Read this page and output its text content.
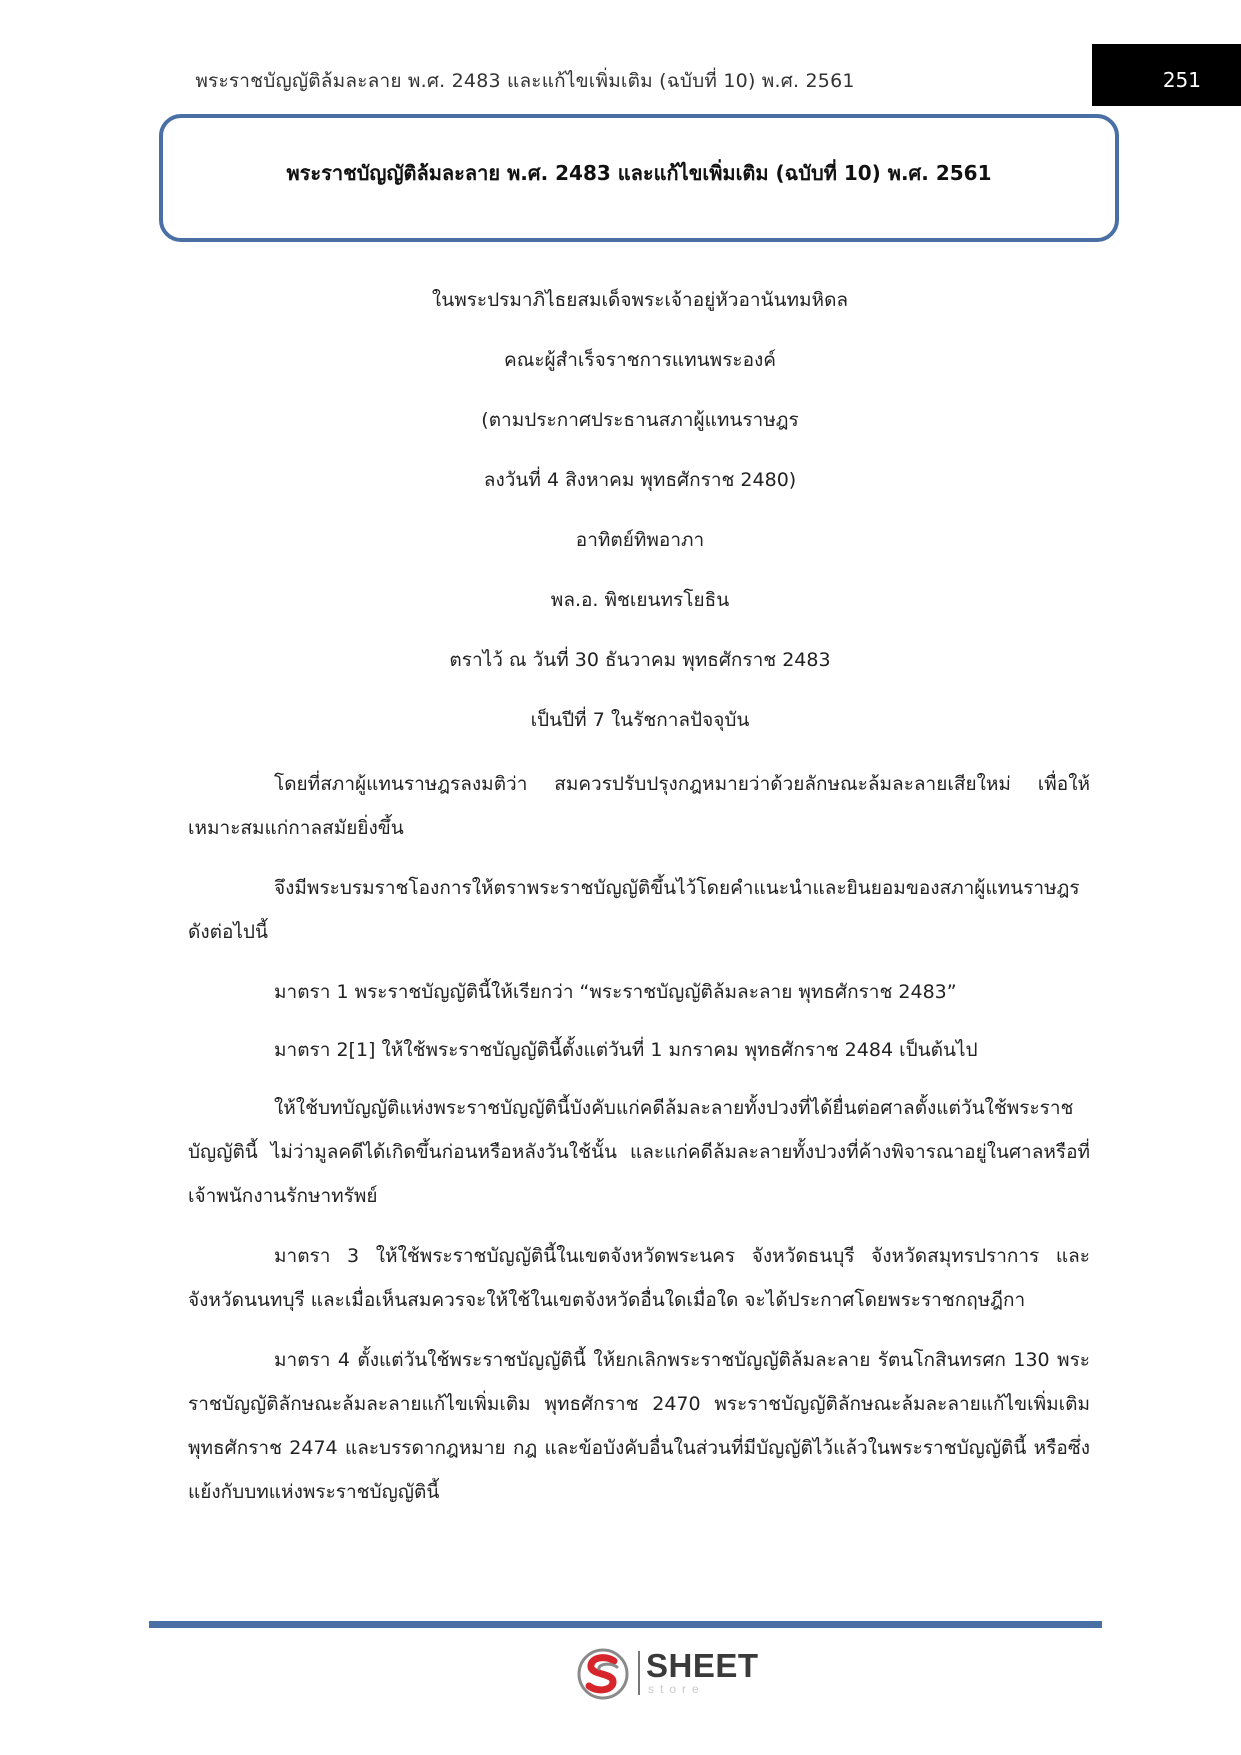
พระราชบัญญัติล้มละลาย พ.ศ. 2483 และแก้ไขเพิ่มเติม (ฉบับที่ 10) พ.ศ. 2561	251
พระราชบัญญัติล้มละลาย พ.ศ. 2483 และแก้ไขเพิ่มเติม (ฉบับที่ 10) พ.ศ. 2561
ในพระปรมาภิไธยสมเด็จพระเจ้าอยู่หัวอานันทมหิดล
คณะผู้สำเร็จราชการแทนพระองค์
(ตามประกาศประธานสภาผู้แทนราษฎร
ลงวันที่ 4 สิงหาคม พุทธศักราช 2480)
อาทิตย์ทิพอาภา
พล.อ. พิชเยนทรโยธิน
ตราไว้ ณ วันที่ 30 ธันวาคม พุทธศักราช 2483
เป็นปีที่ 7 ในรัชกาลปัจจุบัน

โดยที่สภาผู้แทนราษฎรลงมติว่า สมควรปรับปรุงกฎหมายว่าด้วยลักษณะล้มละลายเสียใหม่ เพื่อให้เหมาะสมแก่กาลสมัยยิ่งขึ้น

จึงมีพระบรมราชโองการให้ตราพระราชบัญญัติขึ้นไว้โดยคำแนะนำและยินยอมของสภาผู้แทนราษฎร ดังต่อไปนี้

มาตรา 1 พระราชบัญญัตินี้ให้เรียกว่า “พระราชบัญญัติล้มละลาย พุทธศักราช 2483”

มาตรา 2[1] ให้ใช้พระราชบัญญัตินี้ตั้งแต่วันที่ 1 มกราคม พุทธศักราช 2484 เป็นต้นไป

ให้ใช้บทบัญญัติแห่งพระราชบัญญัตินี้บังคับแก่คดีล้มละลายทั้งปวงที่ได้ยื่นต่อศาลตั้งแต่วันใช้พระราชบัญญัตินี้ ไม่ว่ามูลคดีได้เกิดขึ้นก่อนหรือหลังวันใช้นั้น และแก่คดีล้มละลายทั้งปวงที่ค้างพิจารณาอยู่ในศาลหรือที่เจ้าพนักงานรักษาทรัพย์

มาตรา 3 ให้ใช้พระราชบัญญัตินี้ในเขตจังหวัดพระนคร จังหวัดธนบุรี จังหวัดสมุทรปราการ และจังหวัดนนทบุรี และเมื่อเห็นสมควรจะให้ใช้ในเขตจังหวัดอื่นใดเมื่อใด จะได้ประกาศโดยพระราชกฤษฎีกา

มาตรา 4 ตั้งแต่วันใช้พระราชบัญญัตินี้ ให้ยกเลิกพระราชบัญญัติล้มละลาย รัตนโกสินทรศก 130 พระราชบัญญัติลักษณะล้มละลายแก้ไขเพิ่มเติม พุทธศักราช 2470 พระราชบัญญัติลักษณะล้มละลายแก้ไขเพิ่มเติม พุทธศักราช 2474 และบรรดากฎหมาย กฎ และข้อบังคับอื่นในส่วนที่มีบัญญัติไว้แล้วในพระราชบัญญัตินี้ หรือซึ่งแย้งกับบทแห่งพระราชบัญญัตินี้

SHEET
store
